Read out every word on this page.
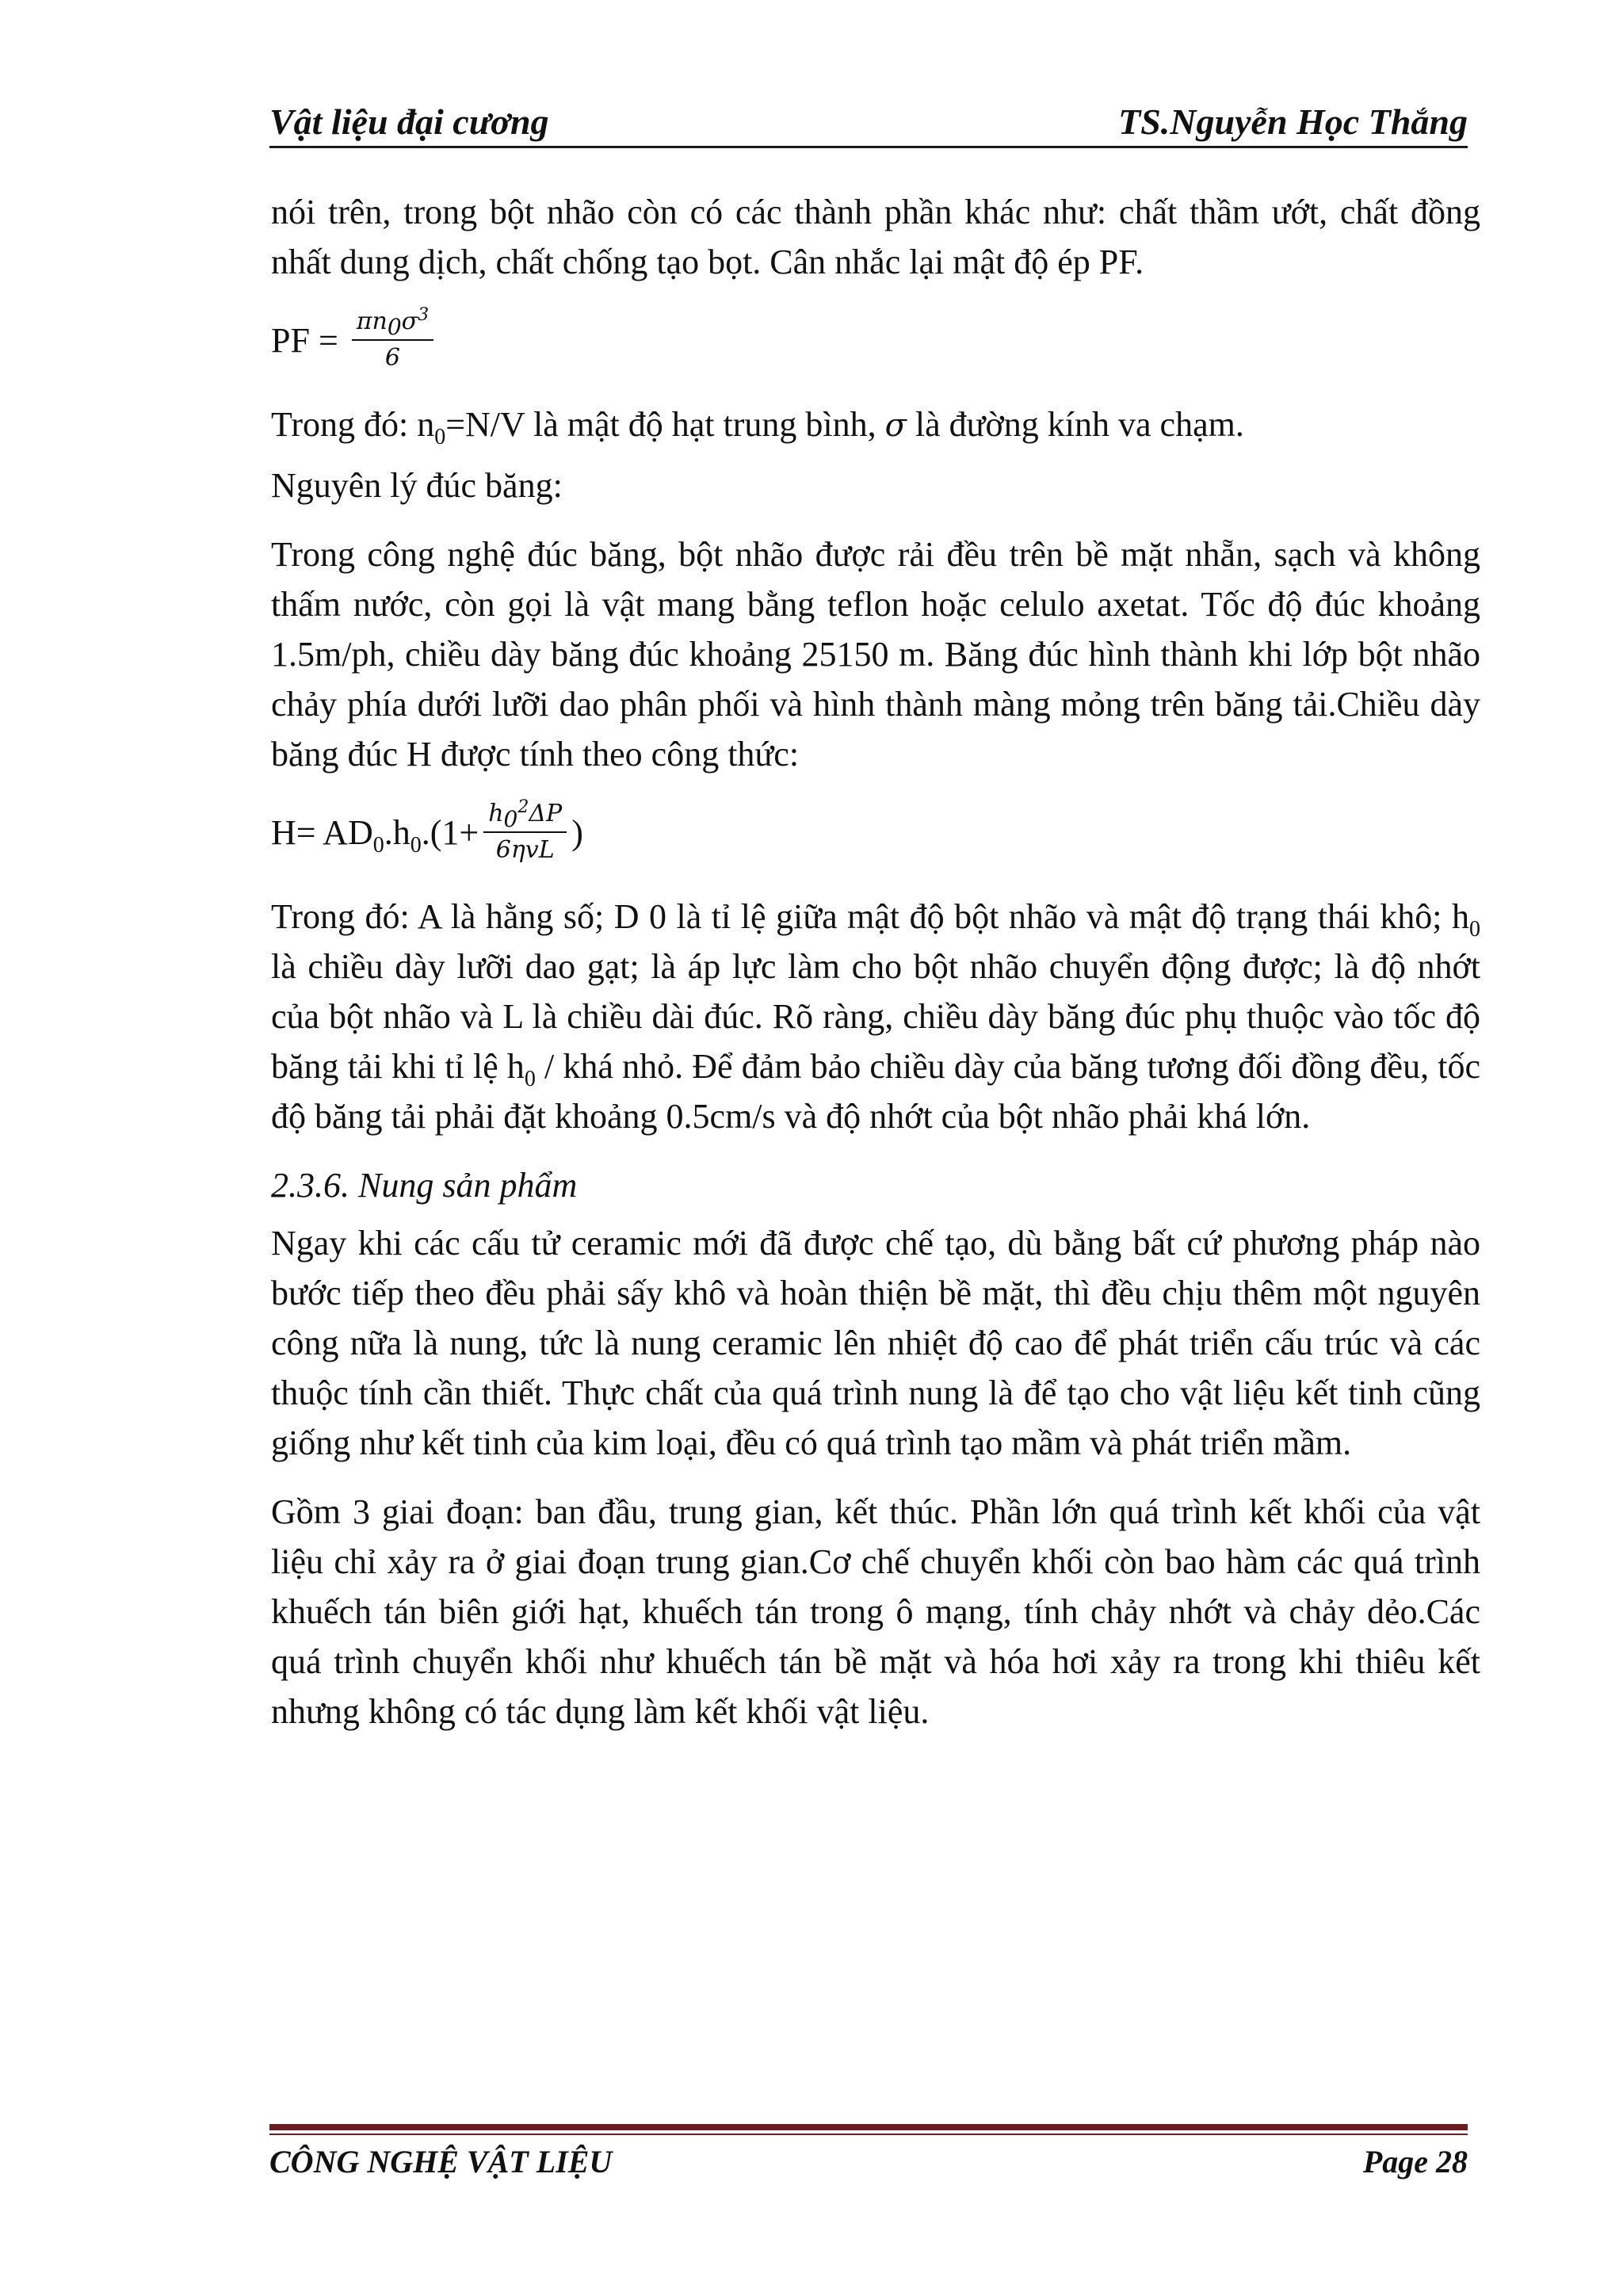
Vật liệu đại cương	TS.Nguyễn Học Thắng

nói trên, trong bột nhão còn có các thành phần khác như: chất thầm ướt, chất đồng nhất dung dịch, chất chống tạo bọt. Cân nhắc lại mật độ ép PF.

PF = $\frac{\pi n_0\sigma^3}{6}$

Trong đó: $n_0=N/V$ là mật độ hạt trung bình, σ là đường kính va chạm.

Nguyên lý đúc băng:

Trong công nghệ đúc băng, bột nhão được rải đều trên bề mặt nhẵn, sạch và không thấm nước, còn gọi là vật mang bằng teflon hoặc celulo axetat. Tốc độ đúc khoảng 1.5m/ph, chiều dày băng đúc khoảng 25150 m. Băng đúc hình thành khi lớp bột nhão chảy phía dưới lưỡi dao phân phối và hình thành màng mỏng trên băng tải.Chiều dày băng đúc H được tính theo công thức:

$H= AD_0.h_0.(1+ \frac{h_0^2\Delta P}{\text{6ηvL}}$ )

Trong đó: A là hằng số; D 0 là tỉ lệ giữa mật độ bột nhão và mật độ trạng thái khô; $h_0$ là chiều dày lưỡi dao gạt; là áp lực làm cho bột nhão chuyển động được; là độ nhớt của bột nhão và L là chiều dài đúc. Rõ ràng, chiều dày băng đúc phụ thuộc vào tốc độ băng tải khi tỉ lệ $h_0$ / khá nhỏ. Để đảm bảo chiều dày của băng tương đối đồng đều, tốc độ băng tải phải đặt khoảng 0.5cm/s và độ nhớt của bột nhão phải khá lớn.

2.3.6. Nung sản phẩm

Ngay khi các cấu tử ceramic mới đã được chế tạo, dù bằng bất cứ phương pháp nào bước tiếp theo đều phải sấy khô và hoàn thiện bề mặt, thì đều chịu thêm một nguyên công nữa là nung, tức là nung ceramic lên nhiệt độ cao để phát triển cấu trúc và các thuộc tính cần thiết. Thực chất của quá trình nung là để tạo cho vật liệu kết tinh cũng giống như kết tinh của kim loại, đều có quá trình tạo mầm và phát triển mầm.

Gồm 3 giai đoạn: ban đầu, trung gian, kết thúc. Phần lớn quá trình kết khối của vật liệu chỉ xảy ra ở giai đoạn trung gian.Cơ chế chuyển khối còn bao hàm các quá trình khuếch tán biên giới hạt, khuếch tán trong ô mạng, tính chảy nhớt và chảy dẻo.Các quá trình chuyển khối như khuếch tán bề mặt và hóa hơi xảy ra trong khi thiêu kết nhưng không có tác dụng làm kết khối vật liệu.

CÔNG NGHỆ VẬT LIỆU	Page 28
